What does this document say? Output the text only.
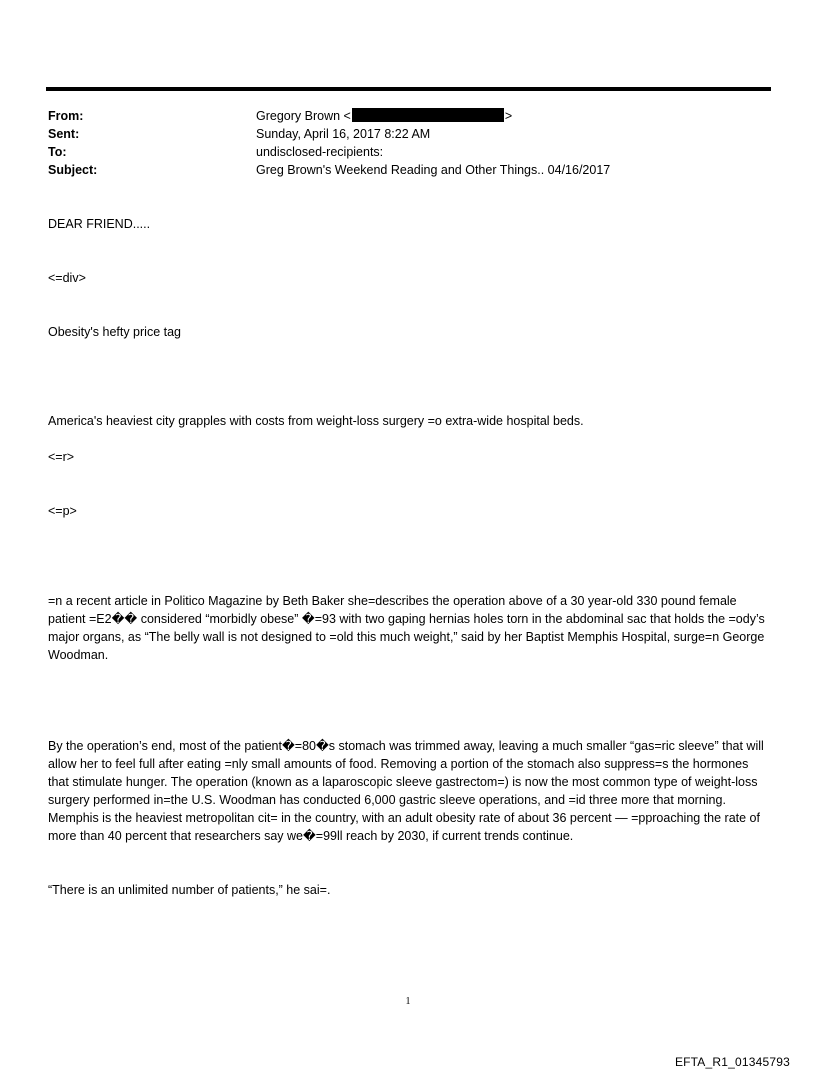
From:	Gregory Brown <	>
Sent:	Sunday, April 16, 2017 8:22 AM
To:	undisclosed-recipients:
Subject:	Greg Brown's Weekend Reading and Other Things.. 04/16/2017

DEAR FRIEND.....

<=div>

Obesity's hefty price tag

America's heaviest city grapples with costs from weight-loss surgery =o extra-wide hospital beds.

<=r>

<=p>

=n a recent article in Politico Magazine by Beth Baker she=describes the operation above of a 30 year-old 330 pound female patient =E2�� considered “morbidly obese” �=93 with two gaping hernias holes torn in the abdominal sac that holds the =ody’s major organs, as “The belly wall is not designed to =old this much weight,” said by her Baptist Memphis Hospital, surge=n George Woodman.

By the operation’s end, most of the patient�=80�s stomach was trimmed away, leaving a much smaller “gas=ric sleeve” that will allow her to feel full after eating =nly small amounts of food. Removing a portion of the stomach also suppress=s the hormones that stimulate hunger. The operation (known as a laparoscopic sleeve gastrectom=) is now the most common type of weight-loss surgery performed in=the U.S. Woodman has conducted 6,000 gastric sleeve operations, and =id three more that morning. Memphis is the heaviest metropolitan cit= in the country, with an adult obesity rate of about 36 percent — =pproaching the rate of more than 40 percent that researchers say we�=99ll reach by 2030, if current trends continue.

“There is an unlimited number of patients,” he sai=.

1
EFTA_R1_01345793
